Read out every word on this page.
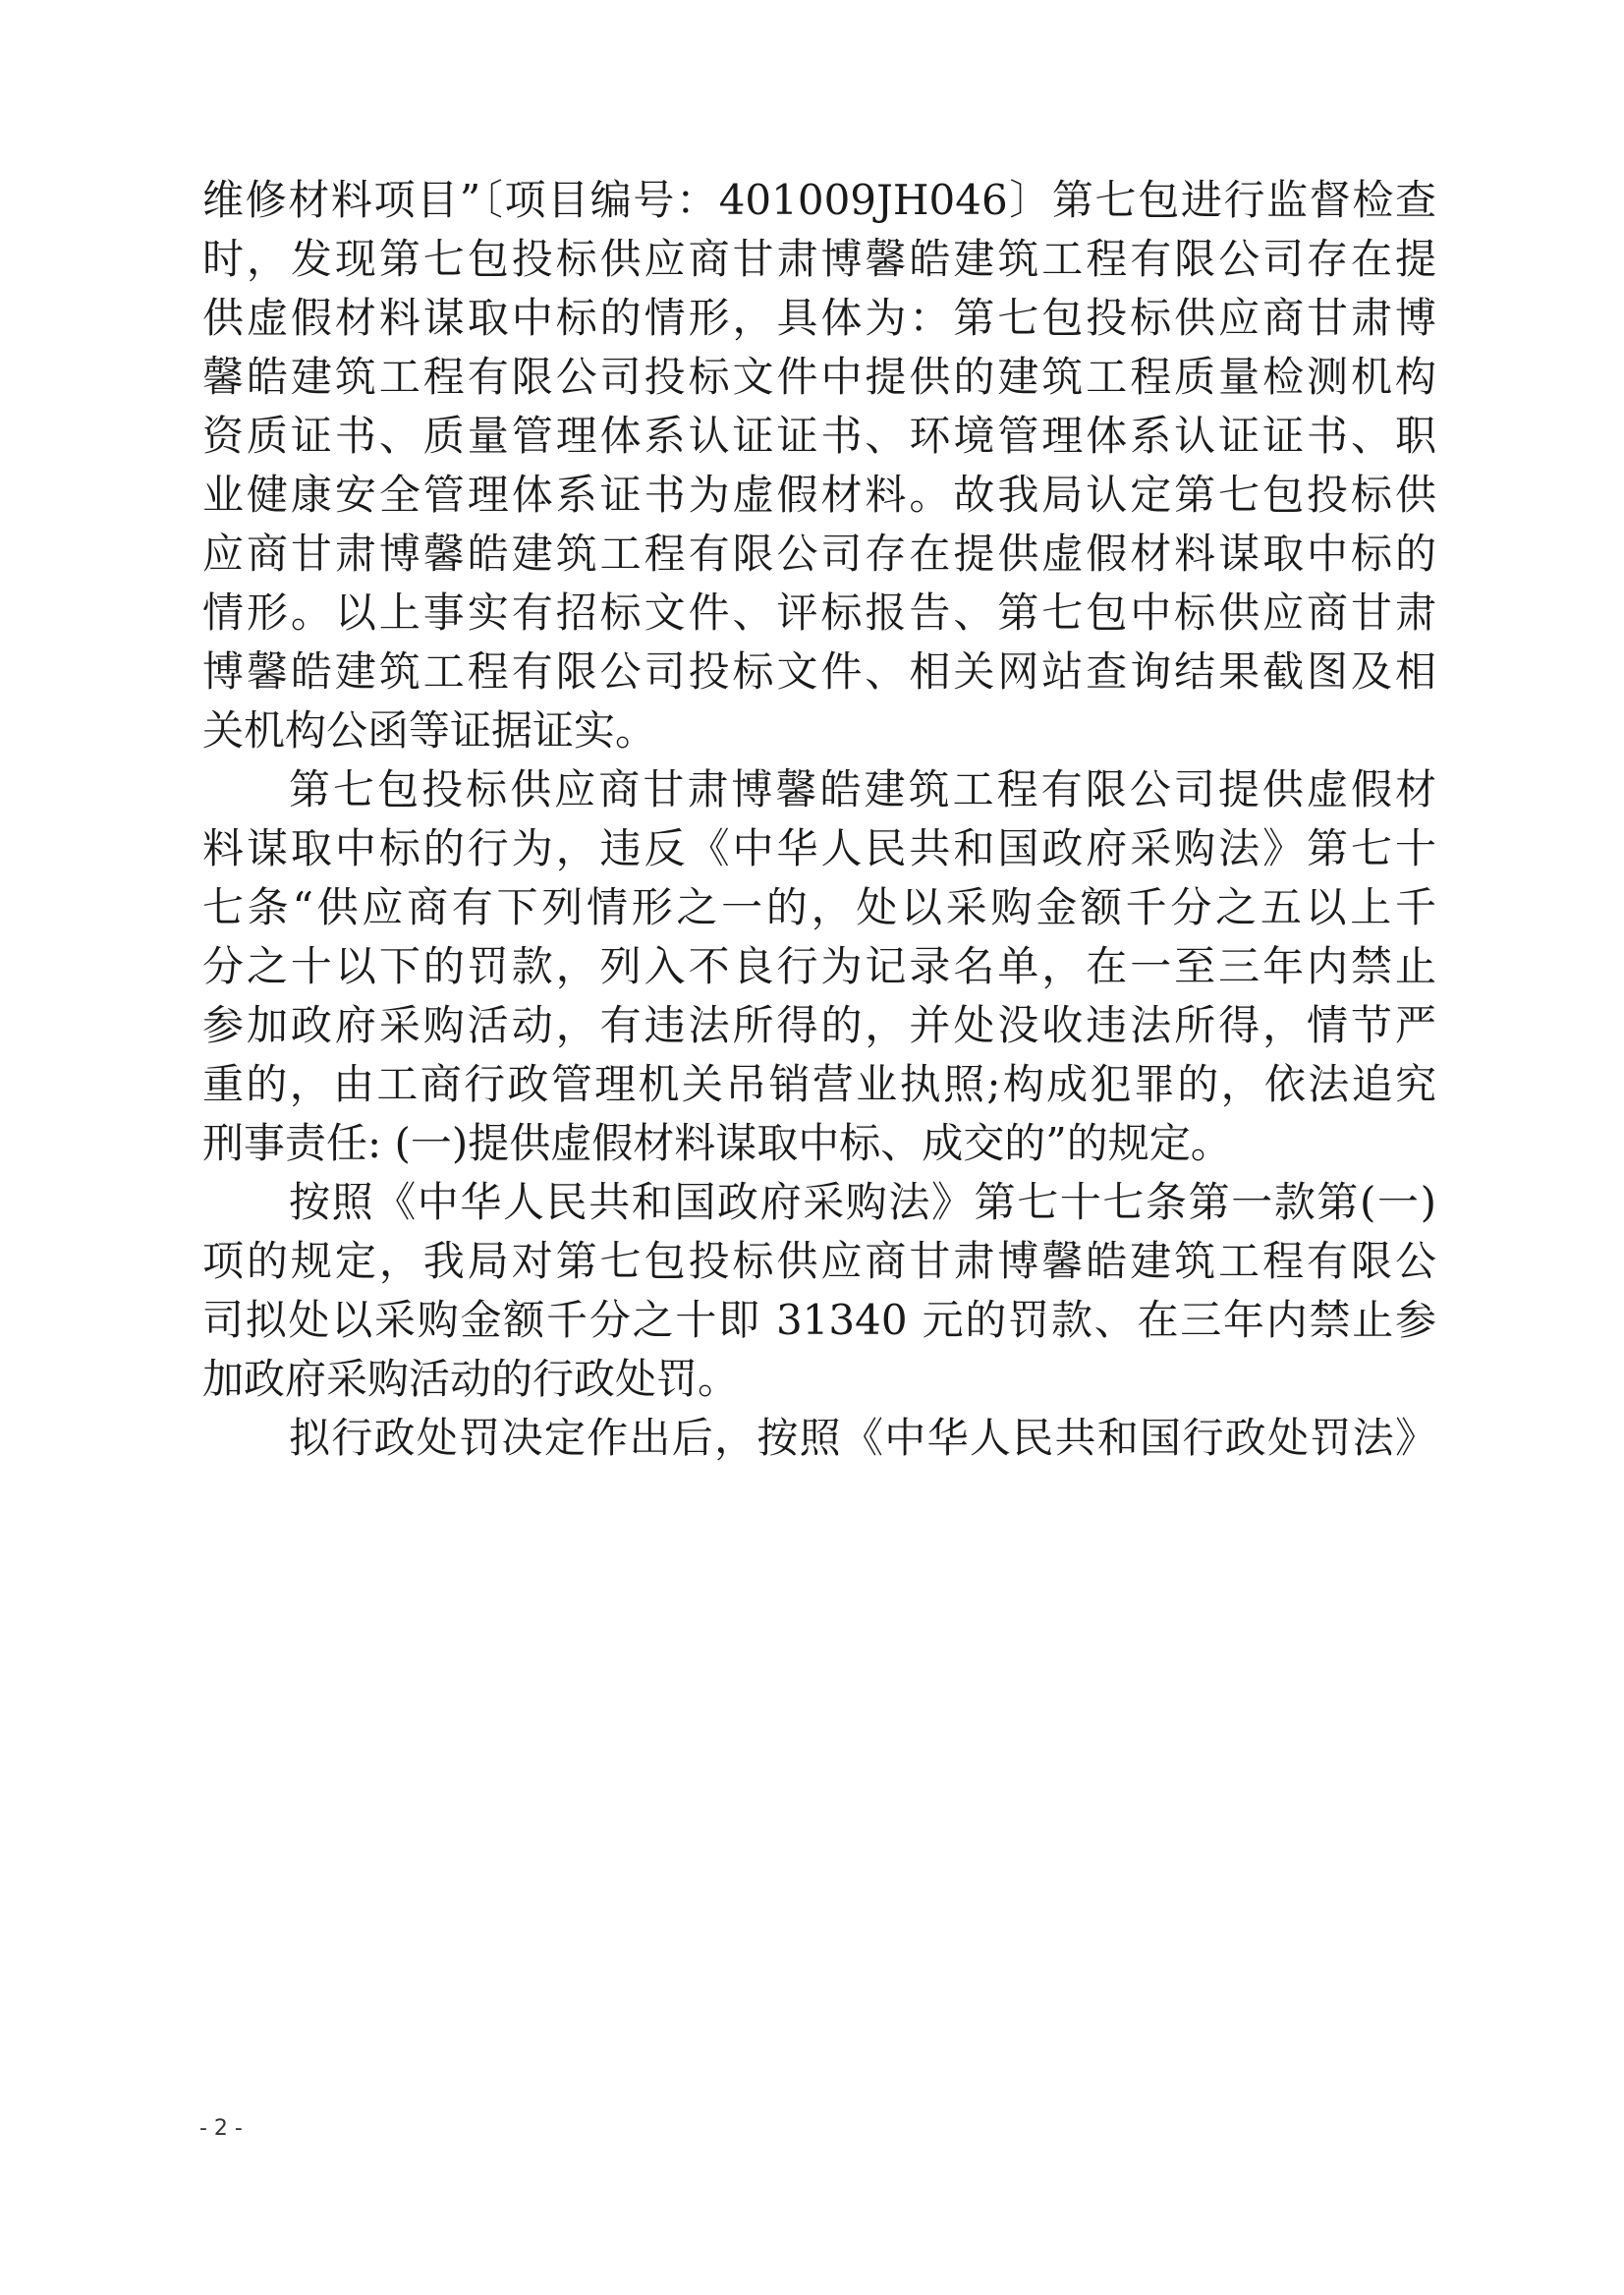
维修材料项目”〔项目编号：401009JH046〕第七包进行监督检查
时，发现第七包投标供应商甘肃博馨皓建筑工程有限公司存在提
供虚假材料谋取中标的情形，具体为：第七包投标供应商甘肃博
馨皓建筑工程有限公司投标文件中提供的建筑工程质量检测机构
资质证书、质量管理体系认证证书、环境管理体系认证证书、职
业健康安全管理体系证书为虚假材料。故我局认定第七包投标供
应商甘肃博馨皓建筑工程有限公司存在提供虚假材料谋取中标的
情形。以上事实有招标文件、评标报告、第七包中标供应商甘肃
博馨皓建筑工程有限公司投标文件、相关网站查询结果截图及相
关机构公函等证据证实。
第七包投标供应商甘肃博馨皓建筑工程有限公司提供虚假材
料谋取中标的行为，违反《中华人民共和国政府采购法》第七十
七条“供应商有下列情形之一的，处以采购金额千分之五以上千
分之十以下的罚款，列入不良行为记录名单，在一至三年内禁止
参加政府采购活动，有违法所得的，并处没收违法所得，情节严
重的，由工商行政管理机关吊销营业执照;构成犯罪的，依法追究
刑事责任: (一)提供虚假材料谋取中标、成交的”的规定。
按照《中华人民共和国政府采购法》第七十七条第一款第(一)
项的规定，我局对第七包投标供应商甘肃博馨皓建筑工程有限公
司拟处以采购金额千分之十即 31340 元的罚款、在三年内禁止参
加政府采购活动的行政处罚。
拟行政处罚决定作出后，按照《中华人民共和国行政处罚法》
- 2 -
